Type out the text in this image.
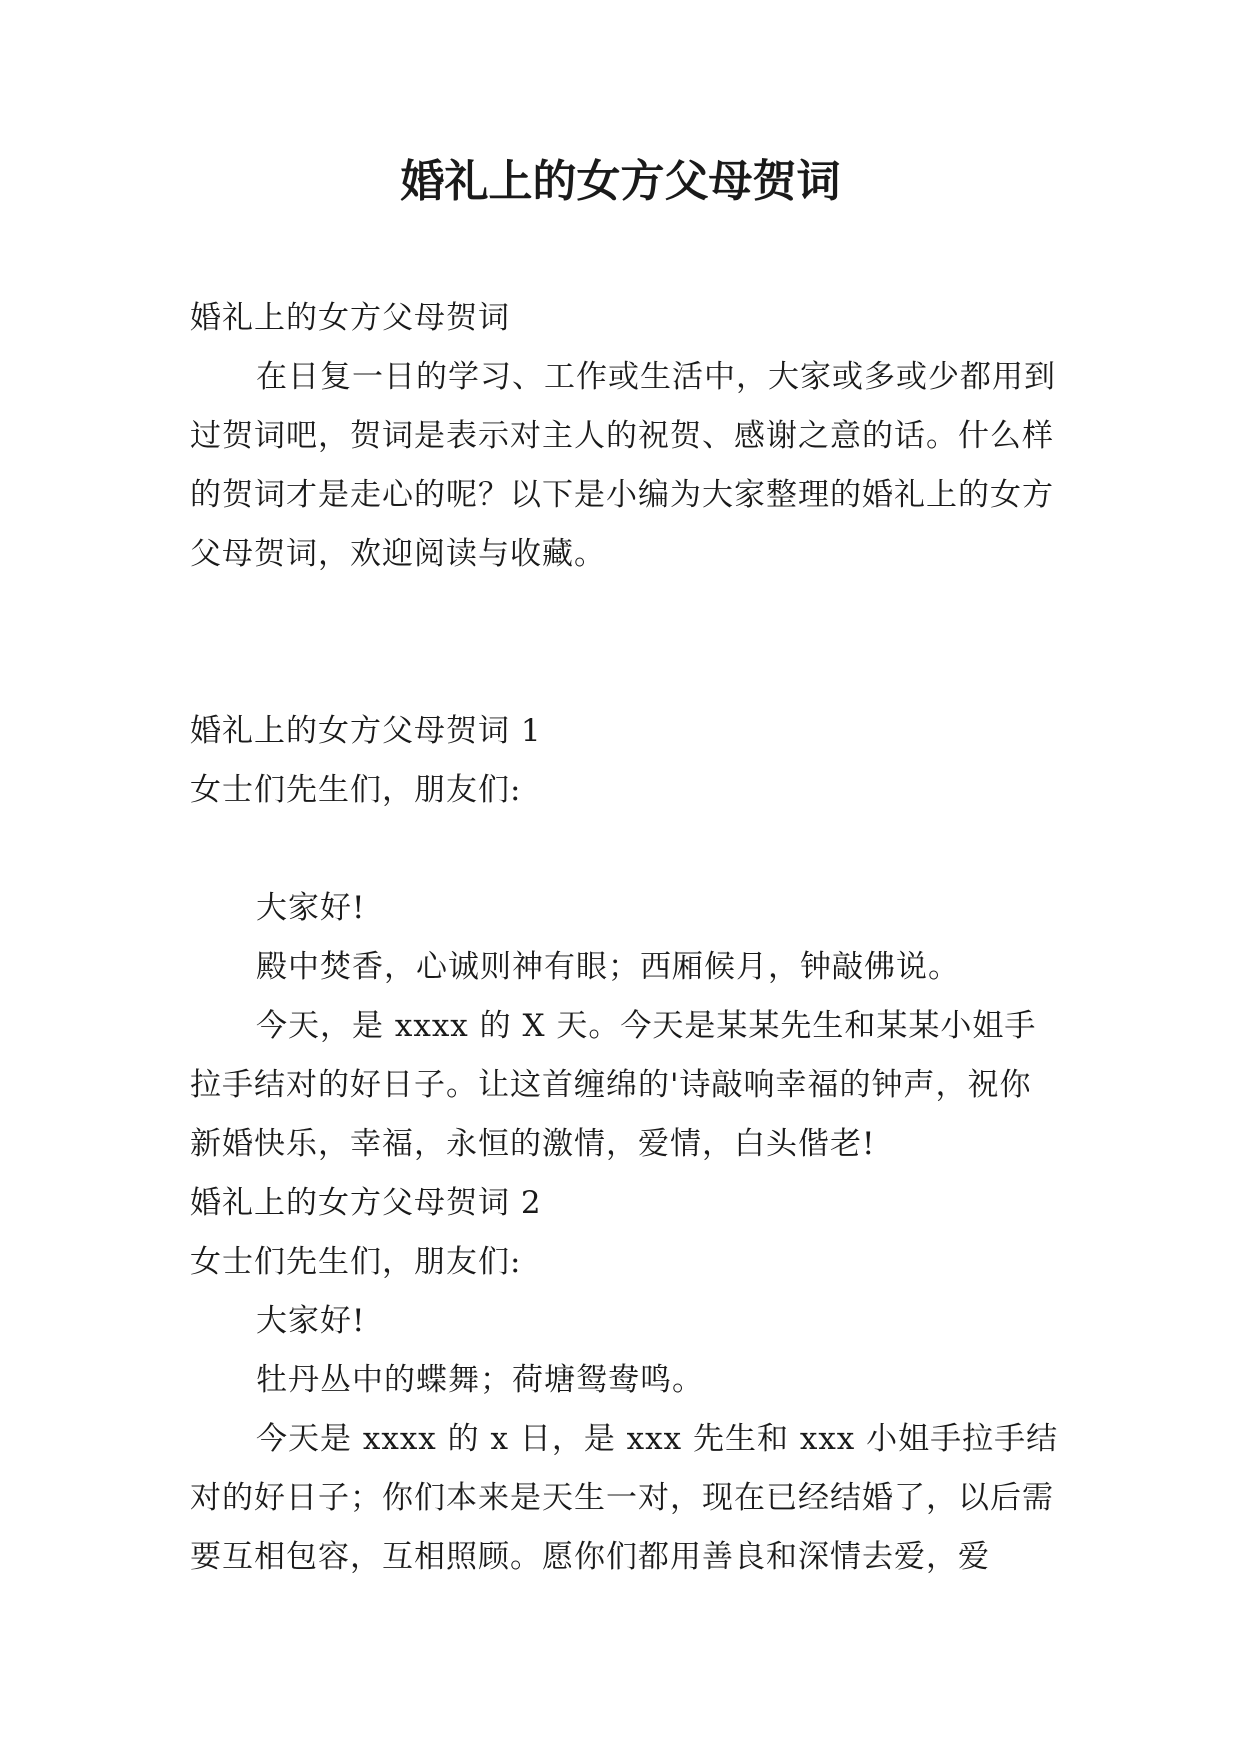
婚礼上的女方父母贺词

婚礼上的女方父母贺词

在日复一日的学习、工作或生活中，大家或多或少都用到过贺词吧，贺词是表示对主人的祝贺、感谢之意的话。什么样的贺词才是走心的呢？以下是小编为大家整理的婚礼上的女方父母贺词，欢迎阅读与收藏。

婚礼上的女方父母贺词 1

女士们先生们，朋友们:

大家好!

殿中焚香，心诚则神有眼；西厢候月，钟敲佛说。

今天，是 xxxx 的 X 天。今天是某某先生和某某小姐手拉手结对的好日子。让这首缠绵的'诗敲响幸福的钟声，祝你新婚快乐，幸福，永恒的激情，爱情，白头偕老!

婚礼上的女方父母贺词 2

女士们先生们，朋友们:

大家好!

牡丹丛中的蝶舞；荷塘鸳鸯鸣。

今天是 xxxx 的 x 日，是 xxx 先生和 xxx 小姐手拉手结对的好日子；你们本来是天生一对，现在已经结婚了，以后需要互相包容，互相照顾。愿你们都用善良和深情去爱，爱
